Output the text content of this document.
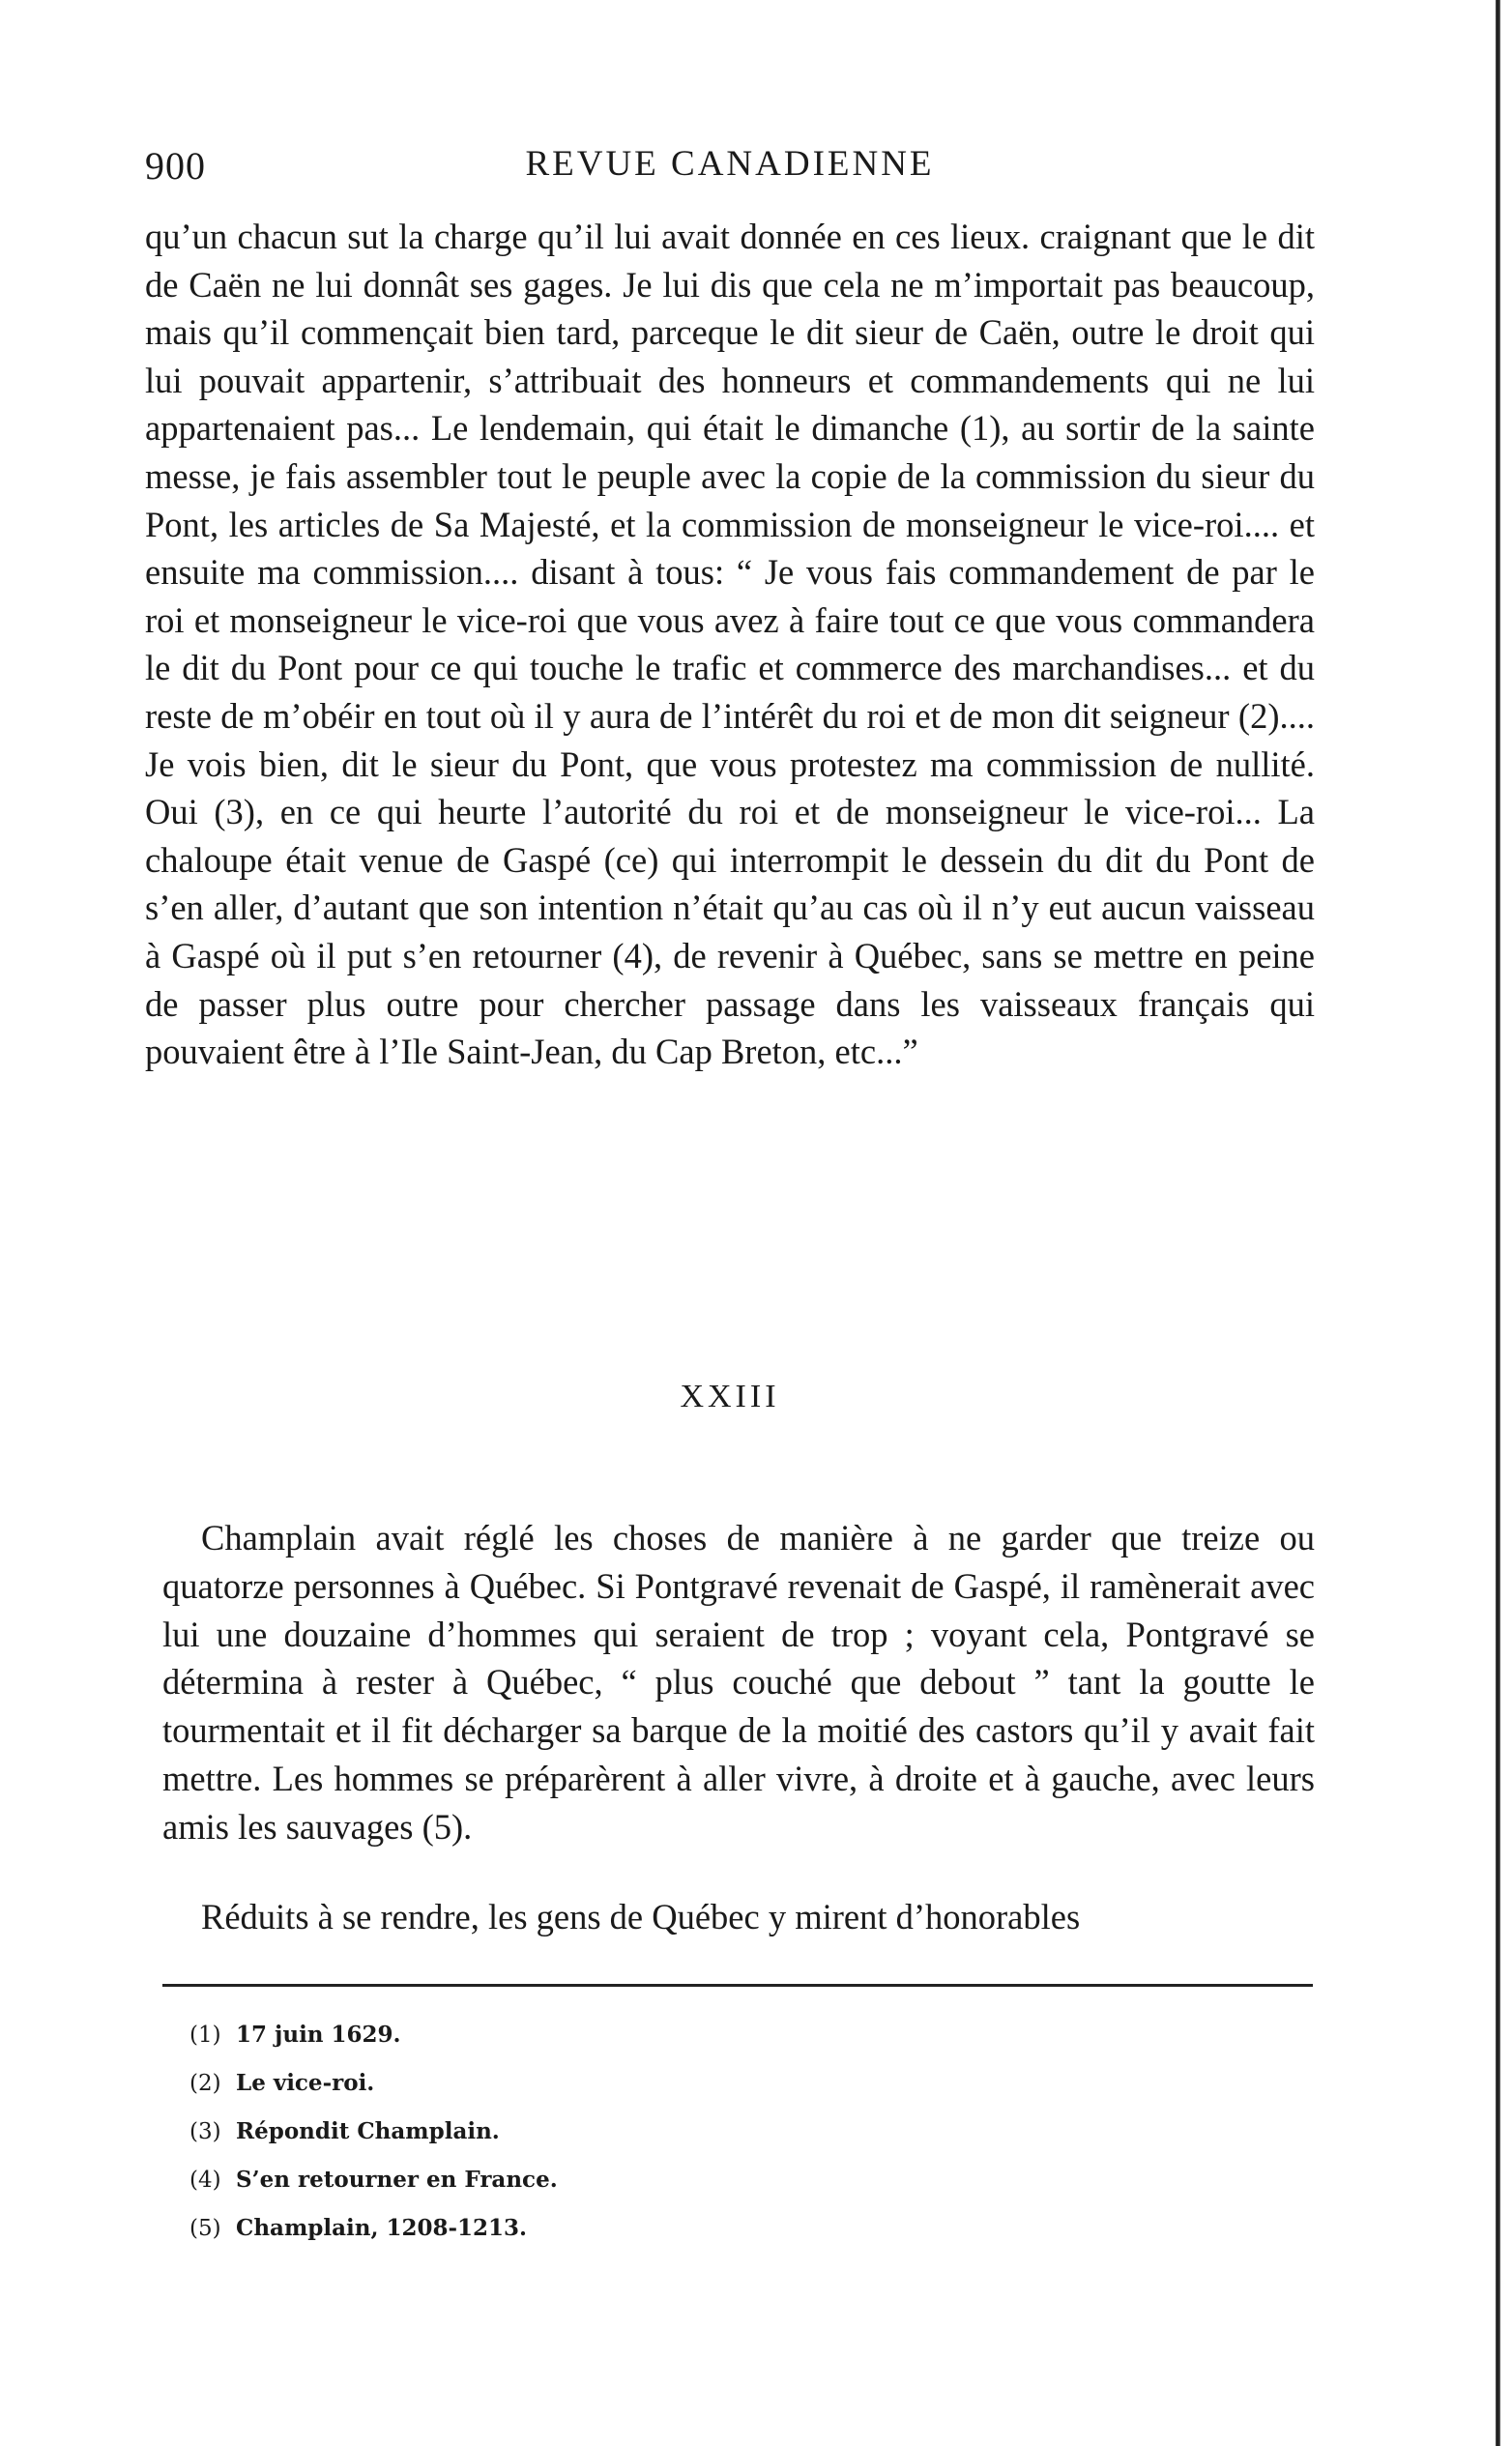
900	REVUE CANADIENNE

qu’un chacun sut la charge qu’il lui avait donnée en ces lieux. craignant que le dit de Caën ne lui donnât ses gages. Je lui dis que cela ne m’importait pas beaucoup, mais qu’il commençait bien tard, parceque le dit sieur de Caën, outre le droit qui lui pouvait appartenir, s’attribuait des honneurs et commandements qui ne lui appartenaient pas... Le lendemain, qui était le dimanche (1), au sortir de la sainte messe, je fais assembler tout le peuple avec la copie de la commission du sieur du Pont, les articles de Sa Majesté, et la commission de monseigneur le vice-roi.... et ensuite ma commission.... disant à tous: “ Je vous fais commandement de par le roi et monseigneur le vice-roi que vous avez à faire tout ce que vous commandera le dit du Pont pour ce qui touche le trafic et commerce des marchandises... et du reste de m’obéir en tout où il y aura de l’intérêt du roi et de mon dit seigneur (2).... Je vois bien, dit le sieur du Pont, que vous protestez ma commission de nullité. Oui (3), en ce qui heurte l’autorité du roi et de monseigneur le vice-roi... La chaloupe était venue de Gaspé (ce) qui interrompit le dessein du dit du Pont de s’en aller, d’autant que son intention n’était qu’au cas où il n’y eut aucun vaisseau à Gaspé où il put s’en retourner (4), de revenir à Québec, sans se mettre en peine de passer plus outre pour chercher passage dans les vaisseaux français qui pouvaient être à l’Ile Saint-Jean, du Cap Breton, etc...”

XXIII

Champlain avait réglé les choses de manière à ne garder que treize ou quatorze personnes à Québec. Si Pontgravé revenait de Gaspé, il ramènerait avec lui une douzaine d’hommes qui seraient de trop ; voyant cela, Pontgravé se détermina à rester à Québec, “ plus couché que debout ” tant la goutte le tourmentait et il fit décharger sa barque de la moitié des castors qu’il y avait fait mettre. Les hommes se préparèrent à aller vivre, à droite et à gauche, avec leurs amis les sauvages (5).

Réduits à se rendre, les gens de Québec y mirent d’honorables

(1) 17 juin 1629.
(2) Le vice-roi.
(3) Répondit Champlain.
(4) S’en retourner en France.
(5) Champlain, 1208-1213.
